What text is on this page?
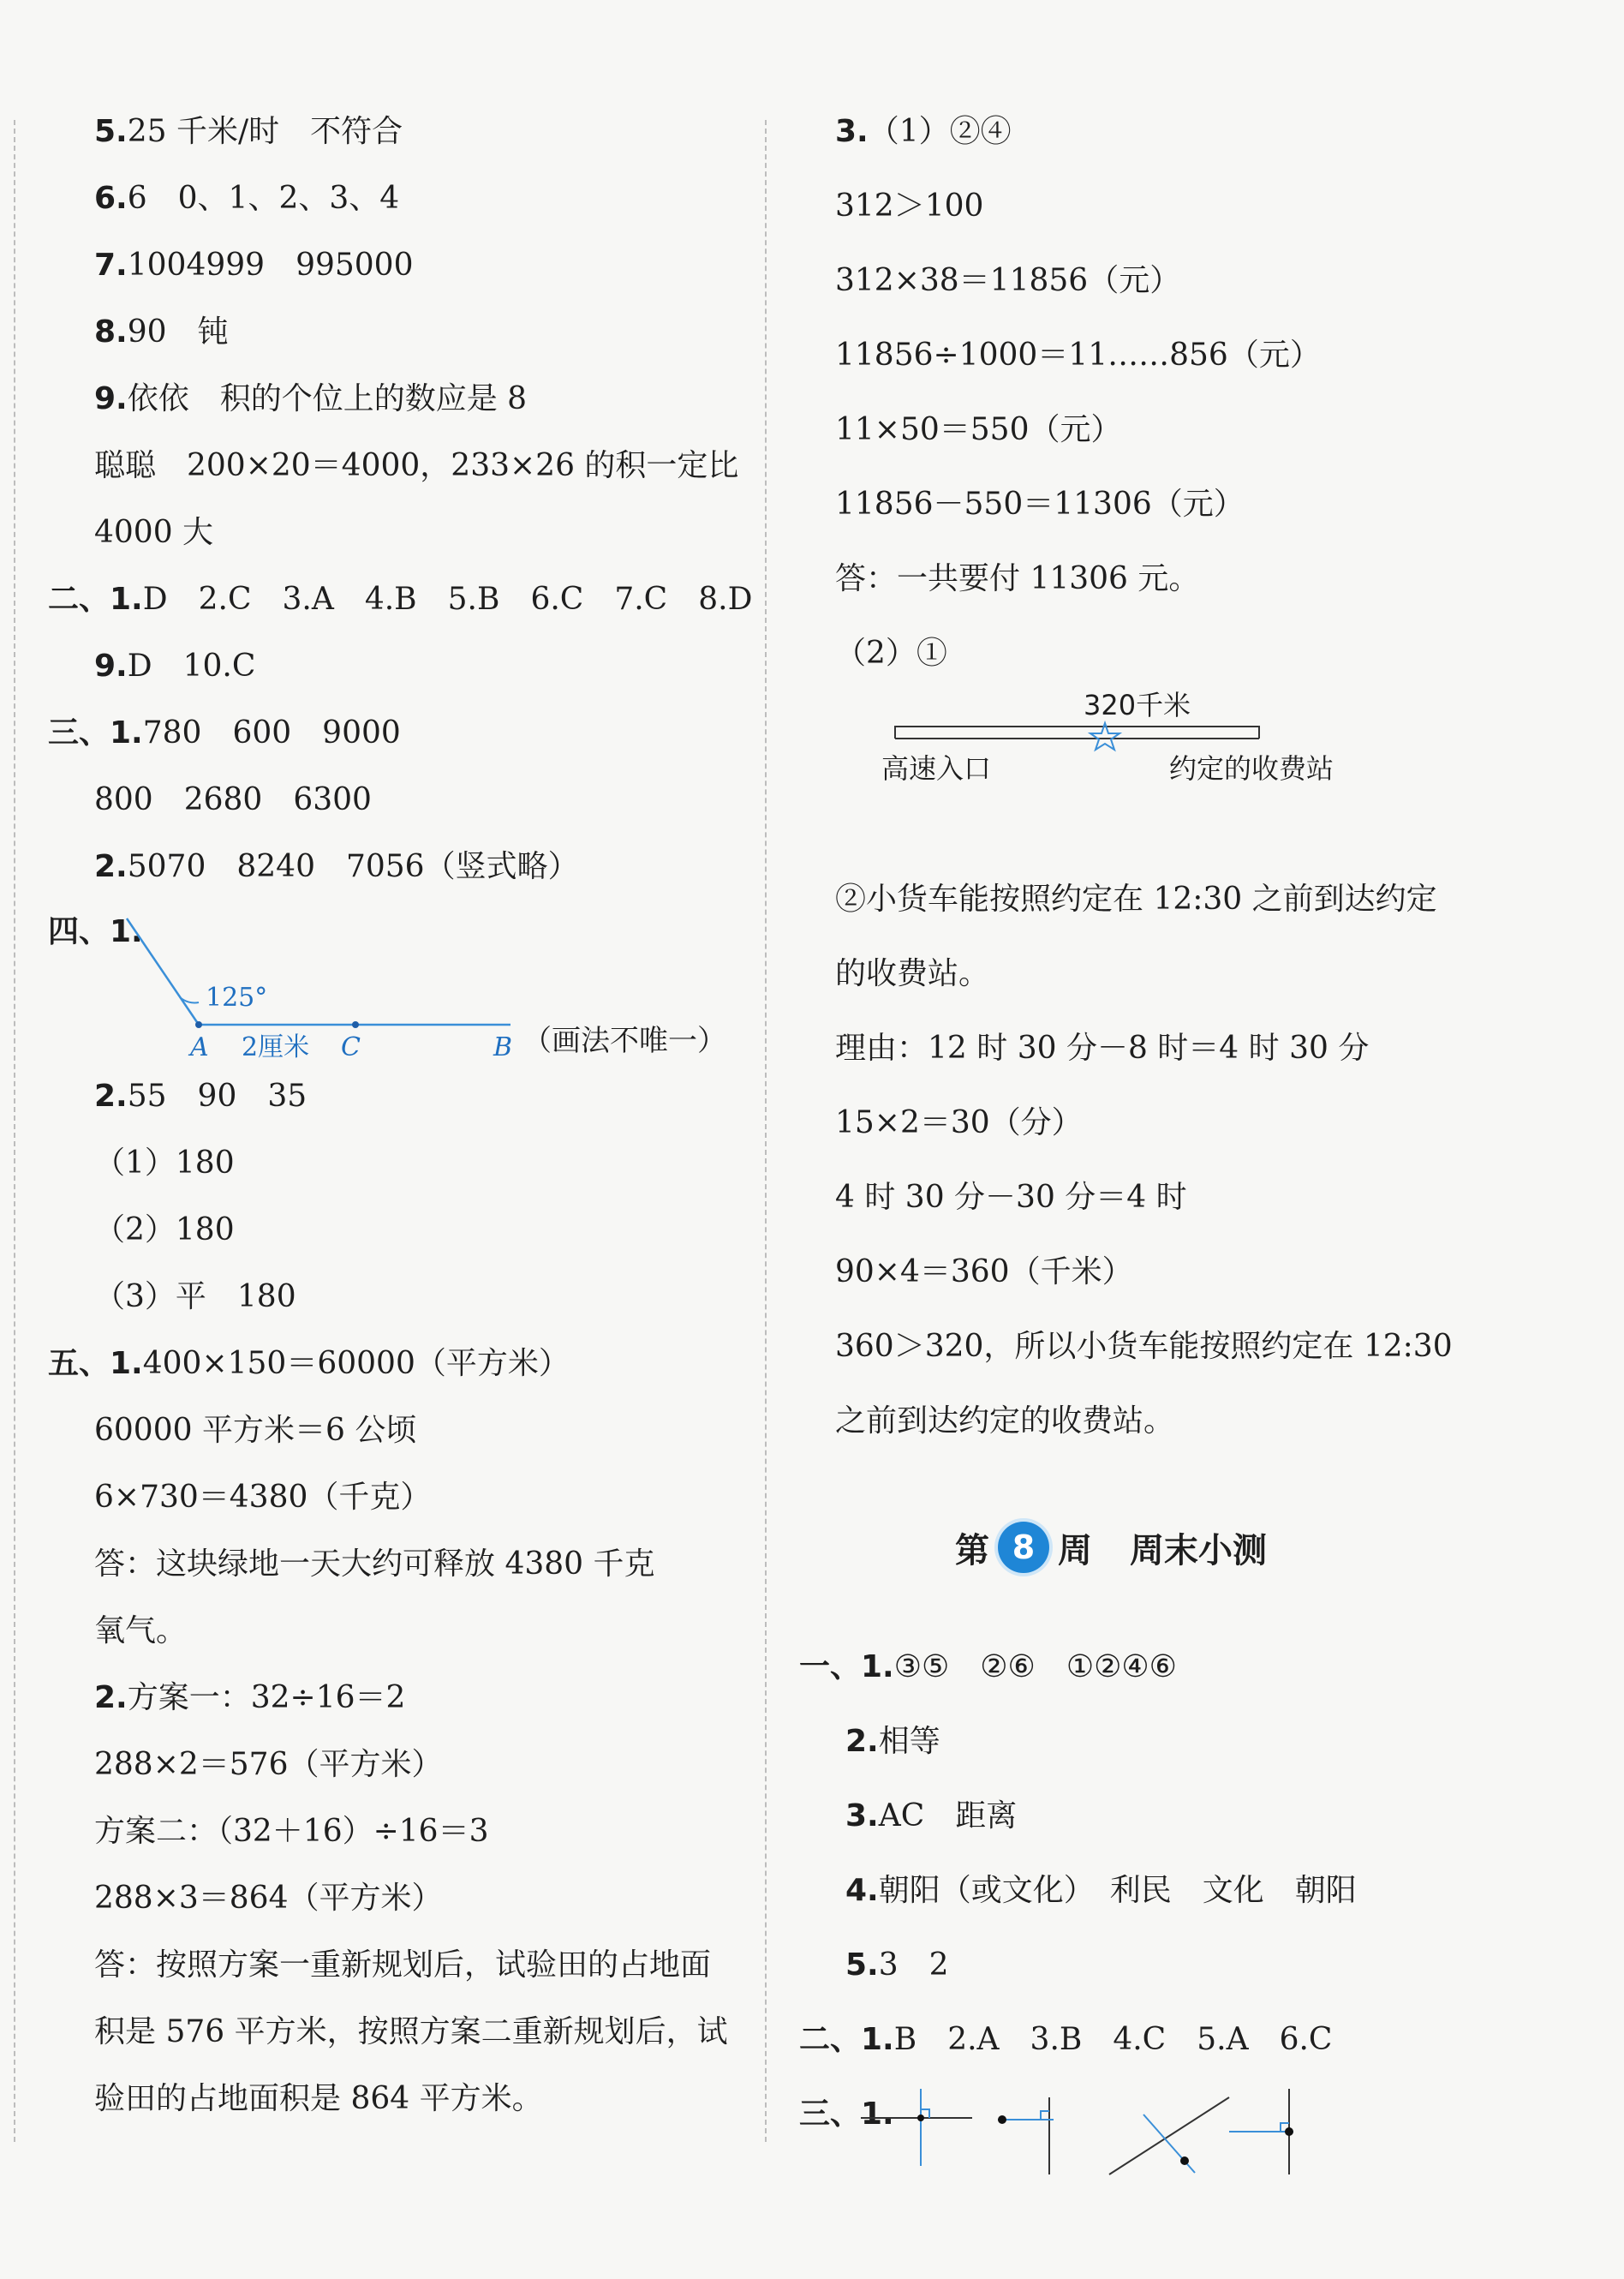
5.25 千米/时　不符合
6.6　0、1、2、3、4
7.1004999　995000
8.90　钝
9.依依　积的个位上的数应是 8
聪聪　200×20＝4000，233×26 的积一定比
4000 大
二、1.D　2.C　3.A　4.B　5.B　6.C　7.C　8.D
9.D　10.C
三、1.780　600　9000
800　2680　6300
2.5070　8240　7056（竖式略）
四、1.
125°
A 2厘米 C	B （画法不唯一）
2.55　90　35
（1）180
（2）180
（3）平　180
五、1.400×150＝60000（平方米）
60000 平方米＝6 公顷
6×730＝4380（千克）
答：这块绿地一天大约可释放 4380 千克
氧气。
2.方案一：32÷16＝2
288×2＝576（平方米）
方案二：（32＋16）÷16＝3
288×3＝864（平方米）
答：按照方案一重新规划后，试验田的占地面
积是 576 平方米，按照方案二重新规划后，试
验田的占地面积是 864 平方米。
3.（1）②④
312＞100
312×38＝11856（元）
11856÷1000＝11……856（元）
11×50＝550（元）
11856－550＝11306（元）
答：一共要付 11306 元。
（2）①
320千米
高速入口	约定的收费站
②小货车能按照约定在 12:30 之前到达约定
的收费站。
理由：12 时 30 分－8 时＝4 时 30 分
15×2＝30（分）
4 时 30 分－30 分＝4 时
90×4＝360（千米）
360＞320，所以小货车能按照约定在 12:30
之前到达约定的收费站。
第 8 周 周末小测
一、1.③⑤　②⑥　①②④⑥
2.相等
3.AC　距离
4.朝阳（或文化）　利民　文化　朝阳
5.3　2
二、1.B　2.A　3.B　4.C　5.A　6.C
三、1.
